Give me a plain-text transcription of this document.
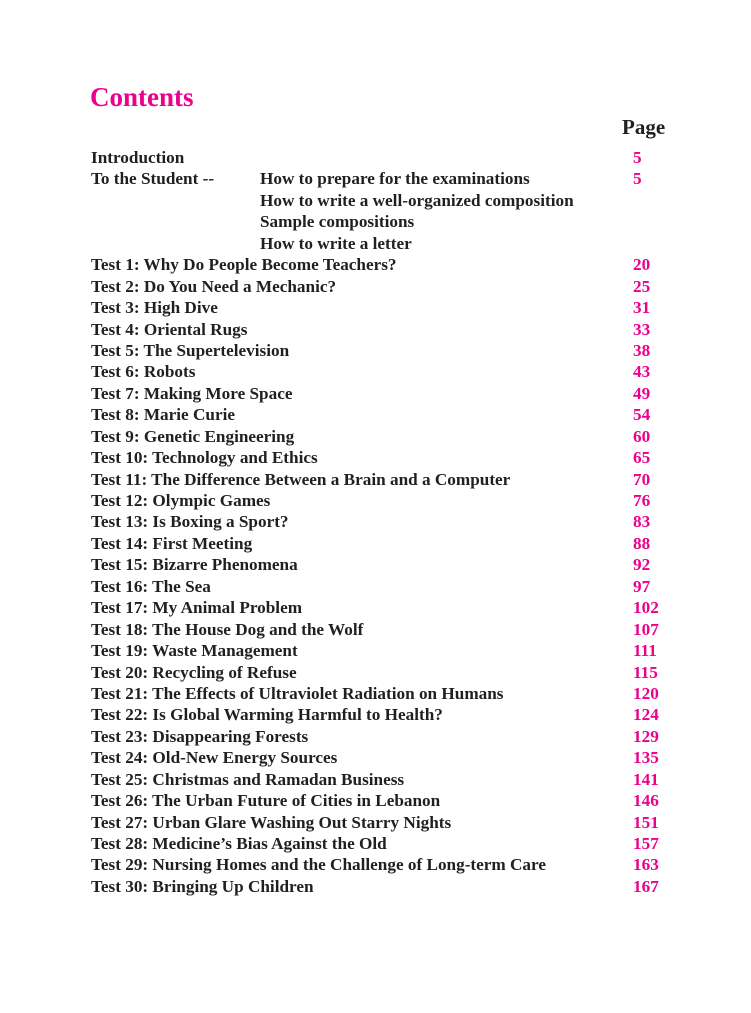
Contents
Page
Introduction	5
To the Student --	How to prepare for the examinations	5
How to write a well-organized composition
Sample compositions
How to write a letter
Test 1: Why Do People Become Teachers?	20
Test 2: Do You Need a Mechanic?	25
Test 3: High Dive	31
Test 4: Oriental Rugs	33
Test 5: The Supertelevision	38
Test 6: Robots	43
Test 7: Making More Space	49
Test 8: Marie Curie	54
Test 9: Genetic Engineering	60
Test 10: Technology and Ethics	65
Test 11: The Difference Between a Brain and a Computer	70
Test 12: Olympic Games	76
Test 13: Is Boxing a Sport?	83
Test 14: First Meeting	88
Test 15: Bizarre Phenomena	92
Test 16: The Sea	97
Test 17: My Animal Problem	102
Test 18: The House Dog and the Wolf	107
Test 19: Waste Management	111
Test 20: Recycling of Refuse	115
Test 21: The Effects of Ultraviolet Radiation on Humans	120
Test 22: Is Global Warming Harmful to Health?	124
Test 23: Disappearing Forests	129
Test 24: Old-New Energy Sources	135
Test 25: Christmas and Ramadan Business	141
Test 26: The Urban Future of Cities in Lebanon	146
Test 27: Urban Glare Washing Out Starry Nights	151
Test 28: Medicine’s Bias Against the Old	157
Test 29: Nursing Homes and the Challenge of Long-term Care	163
Test 30: Bringing Up Children	167
